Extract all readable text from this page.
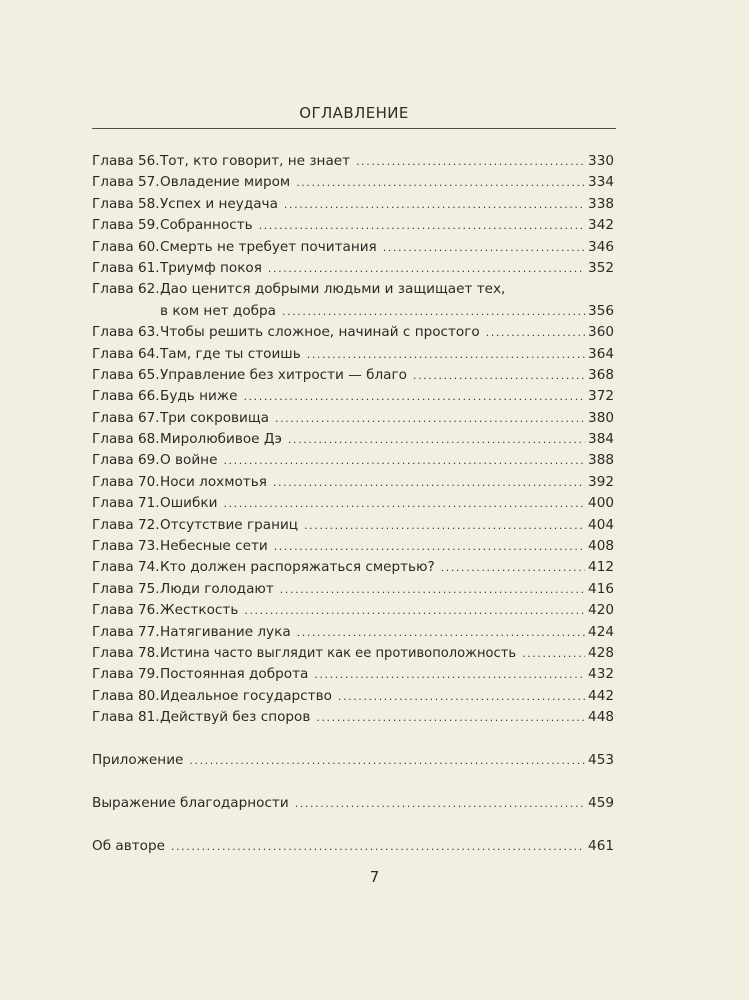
ОГЛАВЛЕНИЕ
Глава 56. Тот, кто говорит, не знает .....	330
Глава 57. Овладение миром .....	334
Глава 58. Успех и неудача .....	338
Глава 59. Собранность .....	342
Глава 60. Смерть не требует почитания .....	346
Глава 61. Триумф покоя .....	352
Глава 62. Дао ценится добрыми людьми и защищает тех,
в ком нет добра .....	356
Глава 63. Чтобы решить сложное, начинай с простого .....	360
Глава 64. Там, где ты стоишь .....	364
Глава 65. Управление без хитрости — благо .....	368
Глава 66. Будь ниже .....	372
Глава 67. Три сокровища .....	380
Глава 68. Миролюбивое Дэ .....	384
Глава 69. О войне .....	388
Глава 70. Носи лохмотья .....	392
Глава 71. Ошибки .....	400
Глава 72. Отсутствие границ .....	404
Глава 73. Небесные сети .....	408
Глава 74. Кто должен распоряжаться смертью? .....	412
Глава 75. Люди голодают .....	416
Глава 76. Жесткость .....	420
Глава 77. Натягивание лука .....	424
Глава 78. Истина часто выглядит как ее противоположность .....	428
Глава 79. Постоянная доброта .....	432
Глава 80. Идеальное государство .....	442
Глава 81. Действуй без споров .....	448
Приложение .....	453
Выражение благодарности .....	459
Об авторе .....	461
7
